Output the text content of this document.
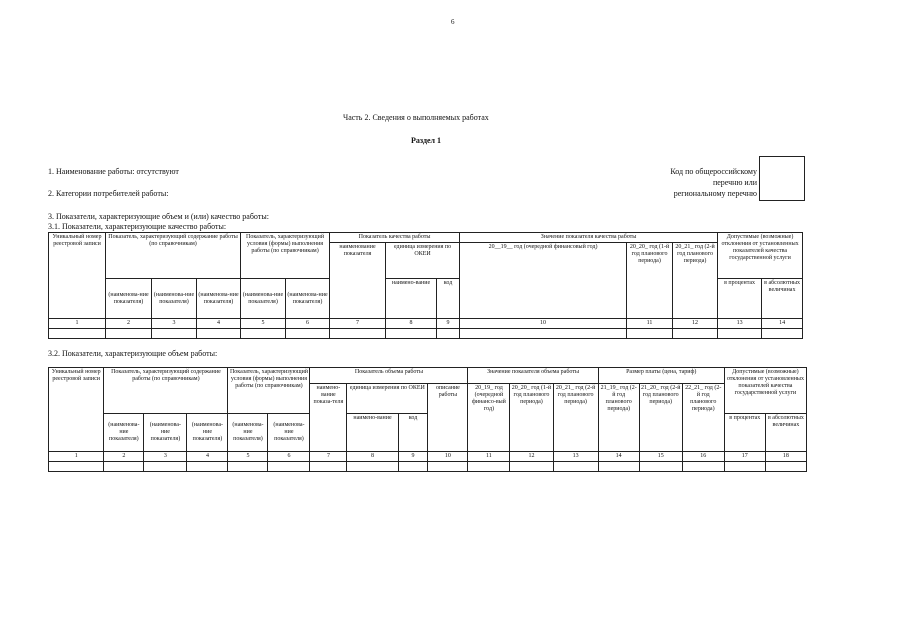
6
Часть 2. Сведения о выполняемых работах
Раздел 1
1. Наименование работы: отсутствуют
2. Категории потребителей работы:
3. Показатели, характеризующие объем и (или) качество работы:
3.1. Показатели, характеризующие качество работы:
Код по общероссийскому
перечню или
региональному перечню
Уникальный номер реестровой записи	Показатель, характеризующий содержание работы (по справочникам)			Показатель, характеризующий условия (формы) выполнения работы (по справочникам)		Показатель качества работы			Значение показателя качества работы			Допустимые (возможные) отклонения от установленных показателей качества государственной услуги	
						наименование показателя	единица измерения по ОКЕИ		20__19__ год (очередной финансовый год)	20_20_ год (1-й год планового периода)	20_21_ год (2-й год планового периода)		
	(наименова-ние показателя)	(наименова-ние показателя)	(наименова-ние показателя)	(наименова-ние показателя)	(наименова-ние показателя)		наимено-вание	код				в процентах	в абсолютных величинах
1	2	3	4	5	6	7	8	9	10	11	12	13	14

3.2. Показатели, характеризующие объем работы:
Уникальный номер реестровой записи	Показатель, характеризующий содержание работы (по справочникам)			Показатель, характеризующий условия (формы) выполнения работы (по справочникам)		Показатель объема работы				Значение показателя объема работы			Размер платы (цена, тариф)			Допустимые (возможные) отклонения от установленных показателей качества государственной услуги	
						наимено-вание показа-теля	единица измерения по ОКЕИ		описание работы	20_19_ год (очередной финансо-вый год)	20_20_ год (1-й год планового периода)	20_21_ год (2-й год планового периода)	21_19_ год (2-й год планового периода)	21_20_ год (2-й год планового периода)	22_21_ год (2-й год планового периода)		
	(наименова-ние показателя)	(наименова-ние показателя)	(наименова-ние показателя)	(наименова-ние показателя)	(наименова-ние показателя)		наимено-вание	код								в процентах	в абсолютных величинах
1	2	3	4	5	6	7	8	9	10	11	12	13	14	15	16	17	18
